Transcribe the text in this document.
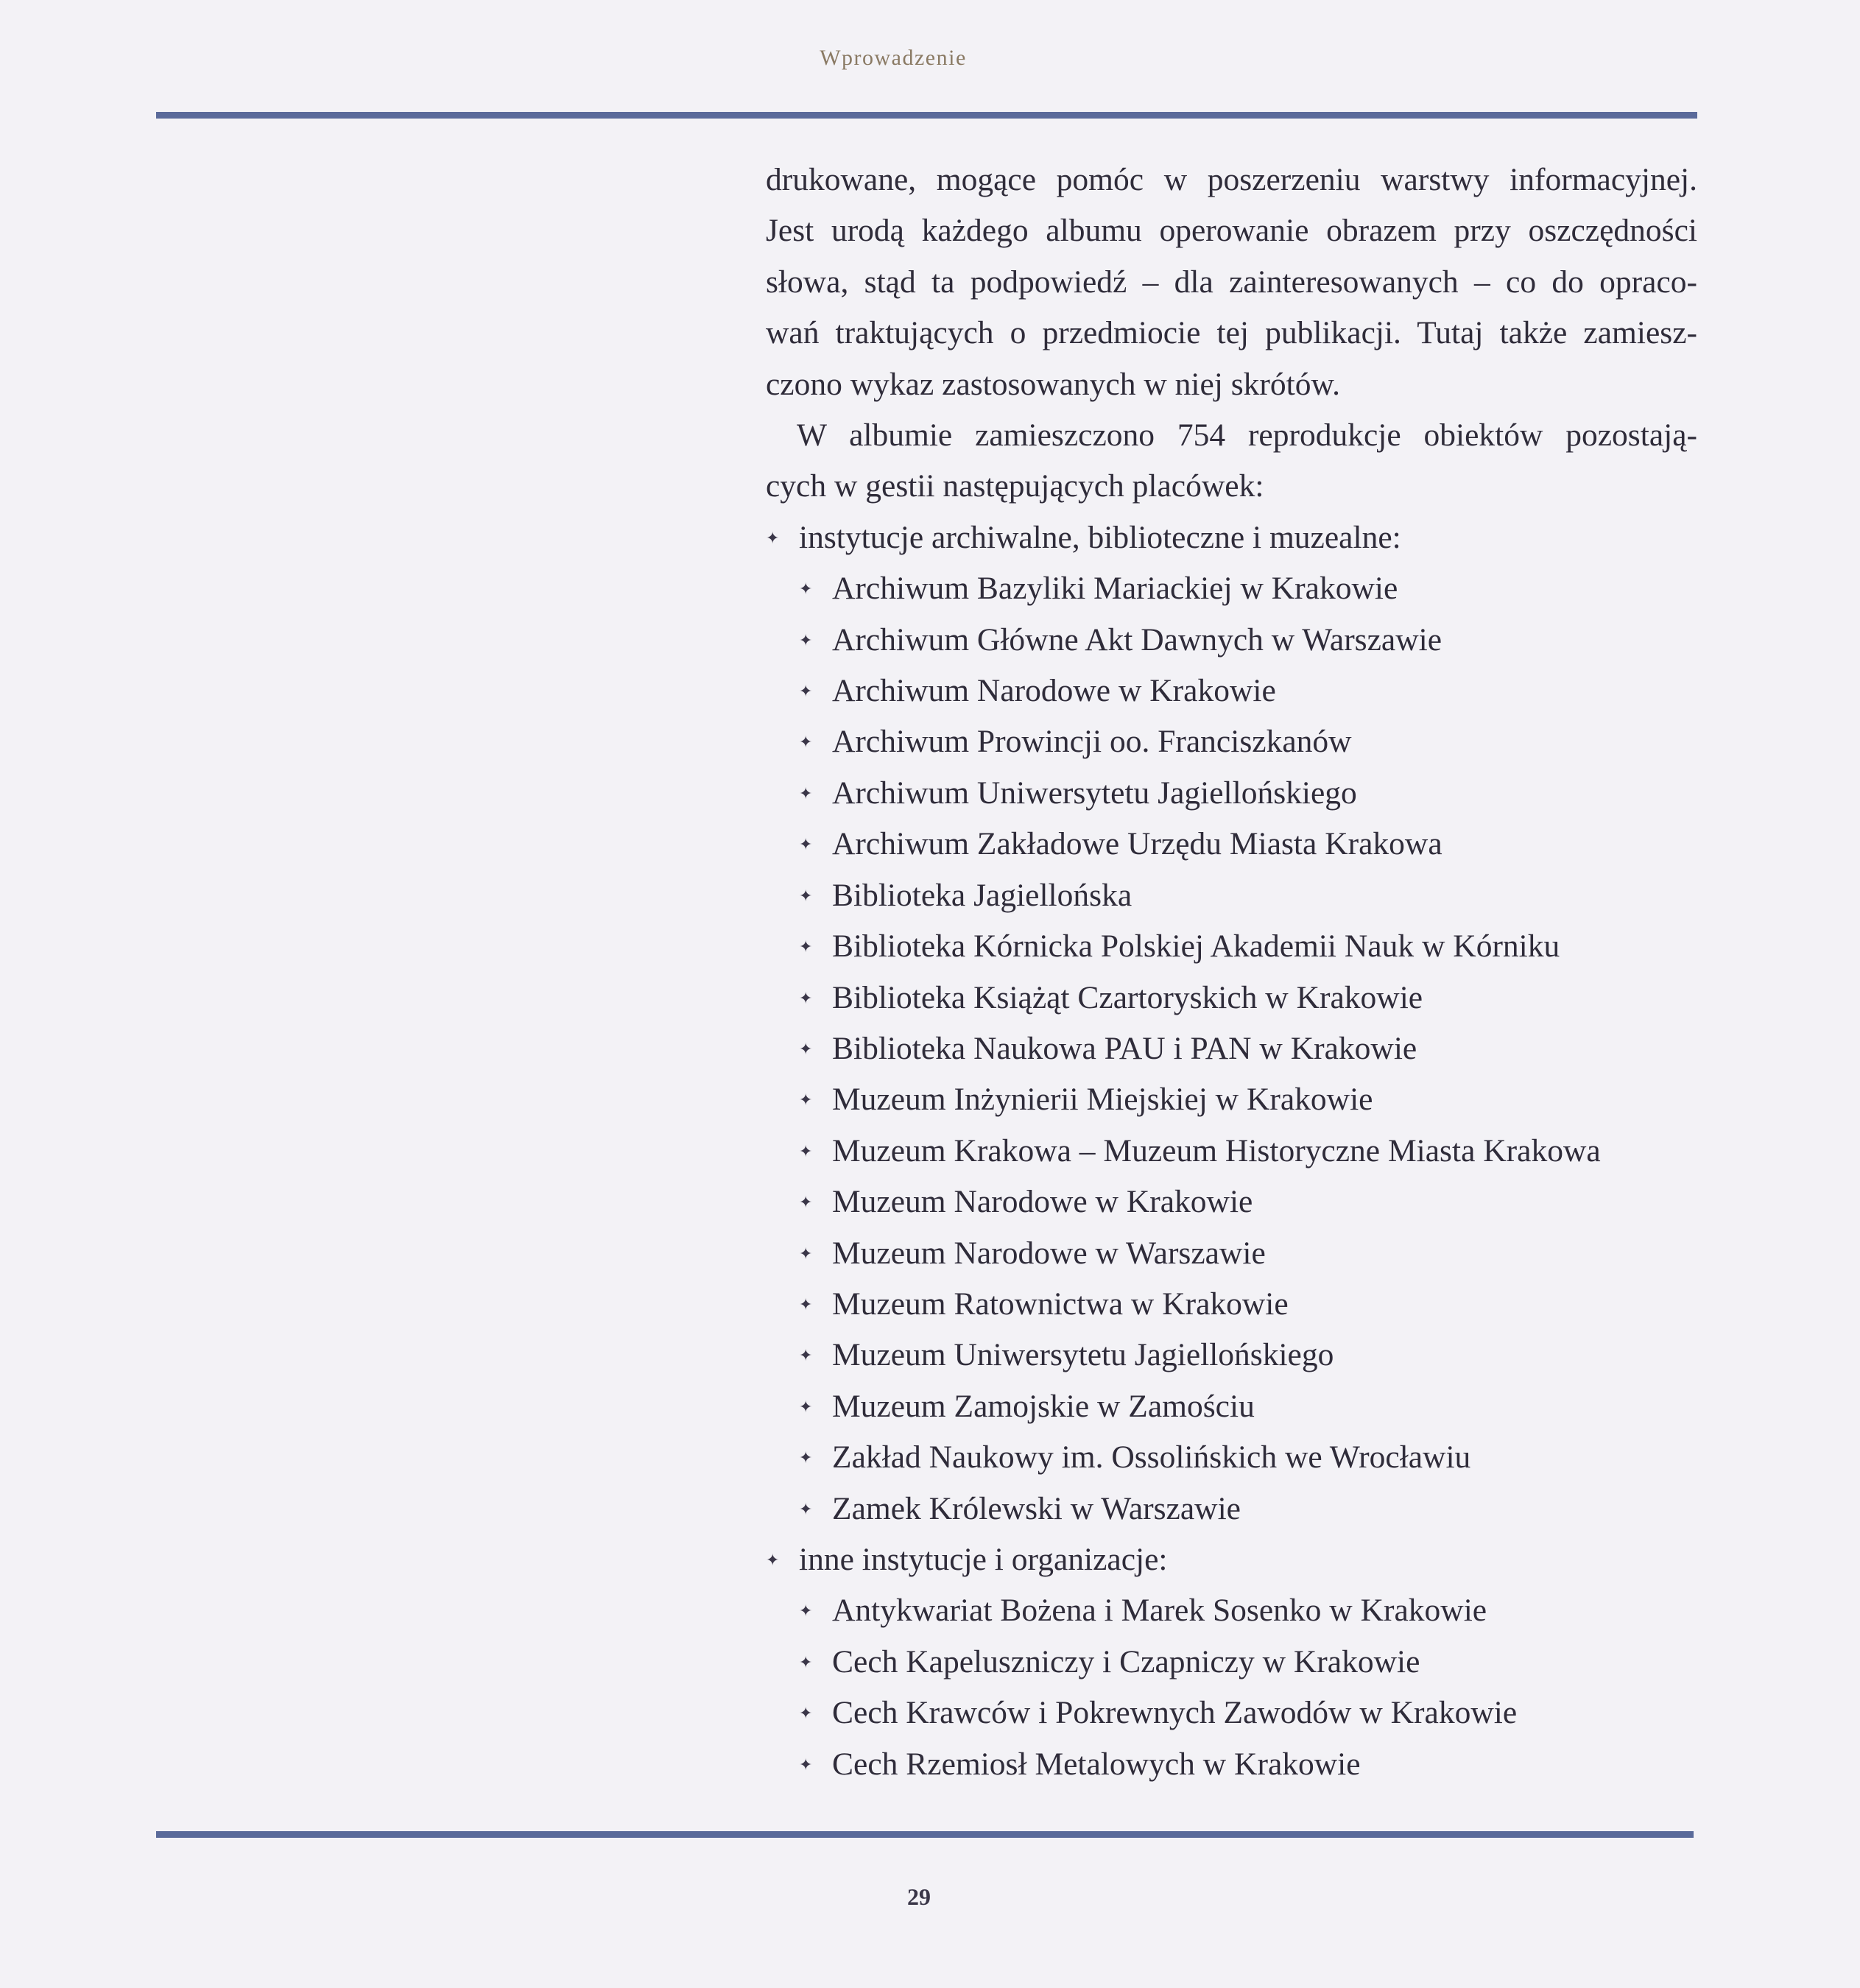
Wprowadzenie

drukowane, mogące pomóc w poszerzeniu warstwy informacyjnej.
Jest urodą każdego albumu operowanie obrazem przy oszczędności
słowa, stąd ta podpowiedź – dla zainteresowanych – co do opraco-
wań traktujących o przedmiocie tej publikacji. Tutaj także zamiesz-
czono wykaz zastosowanych w niej skrótów.

W albumie zamieszczono 754 reprodukcje obiektów pozostają-
cych w gestii następujących placówek:

✦
instytucje archiwalne, biblioteczne i muzealne:
✦
Archiwum Bazyliki Mariackiej w Krakowie
✦
Archiwum Główne Akt Dawnych w Warszawie
✦
Archiwum Narodowe w Krakowie
✦
Archiwum Prowincji oo. Franciszkanów
✦
Archiwum Uniwersytetu Jagiellońskiego
✦
Archiwum Zakładowe Urzędu Miasta Krakowa
✦
Biblioteka Jagiellońska
✦
Biblioteka Kórnicka Polskiej Akademii Nauk w Kórniku
✦
Biblioteka Książąt Czartoryskich w Krakowie
✦
Biblioteka Naukowa PAU i PAN w Krakowie
✦
Muzeum Inżynierii Miejskiej w Krakowie
✦
Muzeum Krakowa – Muzeum Historyczne Miasta Krakowa
✦
Muzeum Narodowe w Krakowie
✦
Muzeum Narodowe w Warszawie
✦
Muzeum Ratownictwa w Krakowie
✦
Muzeum Uniwersytetu Jagiellońskiego
✦
Muzeum Zamojskie w Zamościu
✦
Zakład Naukowy im. Ossolińskich we Wrocławiu
✦
Zamek Królewski w Warszawie
✦
inne instytucje i organizacje:
✦
Antykwariat Bożena i Marek Sosenko w Krakowie
✦
Cech Kapeluszniczy i Czapniczy w Krakowie
✦
Cech Krawców i Pokrewnych Zawodów w Krakowie
✦
Cech Rzemiosł Metalowych w Krakowie
29
